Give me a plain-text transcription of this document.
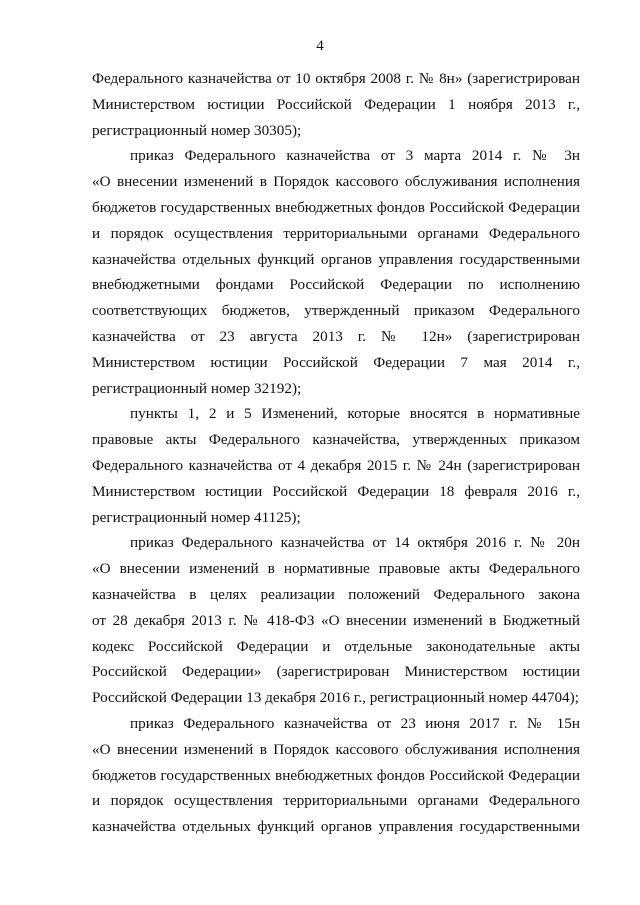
4
Федерального казначейства от 10 октября 2008 г. № 8н» (зарегистрирован
Министерством юстиции Российской Федерации 1 ноября 2013 г.,
регистрационный номер 30305);
приказ Федерального казначейства от 3 марта 2014 г. № 3н
«О внесении изменений в Порядок кассового обслуживания исполнения
бюджетов государственных внебюджетных фондов Российской Федерации
и порядок осуществления территориальными органами Федерального
казначейства отдельных функций органов управления государственными
внебюджетными фондами Российской Федерации по исполнению
соответствующих бюджетов, утвержденный приказом Федерального
казначейства от 23 августа 2013 г. № 12н» (зарегистрирован
Министерством юстиции Российской Федерации 7 мая 2014 г.,
регистрационный номер 32192);
пункты 1, 2 и 5 Изменений, которые вносятся в нормативные
правовые акты Федерального казначейства, утвержденных приказом
Федерального казначейства от 4 декабря 2015 г. № 24н (зарегистрирован
Министерством юстиции Российской Федерации 18 февраля 2016 г.,
регистрационный номер 41125);
приказ Федерального казначейства от 14 октября 2016 г. № 20н
«О внесении изменений в нормативные правовые акты Федерального
казначейства в целях реализации положений Федерального закона
от 28 декабря 2013 г. № 418-ФЗ «О внесении изменений в Бюджетный
кодекс Российской Федерации и отдельные законодательные акты
Российской Федерации» (зарегистрирован Министерством юстиции
Российской Федерации 13 декабря 2016 г., регистрационный номер 44704);
приказ Федерального казначейства от 23 июня 2017 г. № 15н
«О внесении изменений в Порядок кассового обслуживания исполнения
бюджетов государственных внебюджетных фондов Российской Федерации
и порядок осуществления территориальными органами Федерального
казначейства отдельных функций органов управления государственными
